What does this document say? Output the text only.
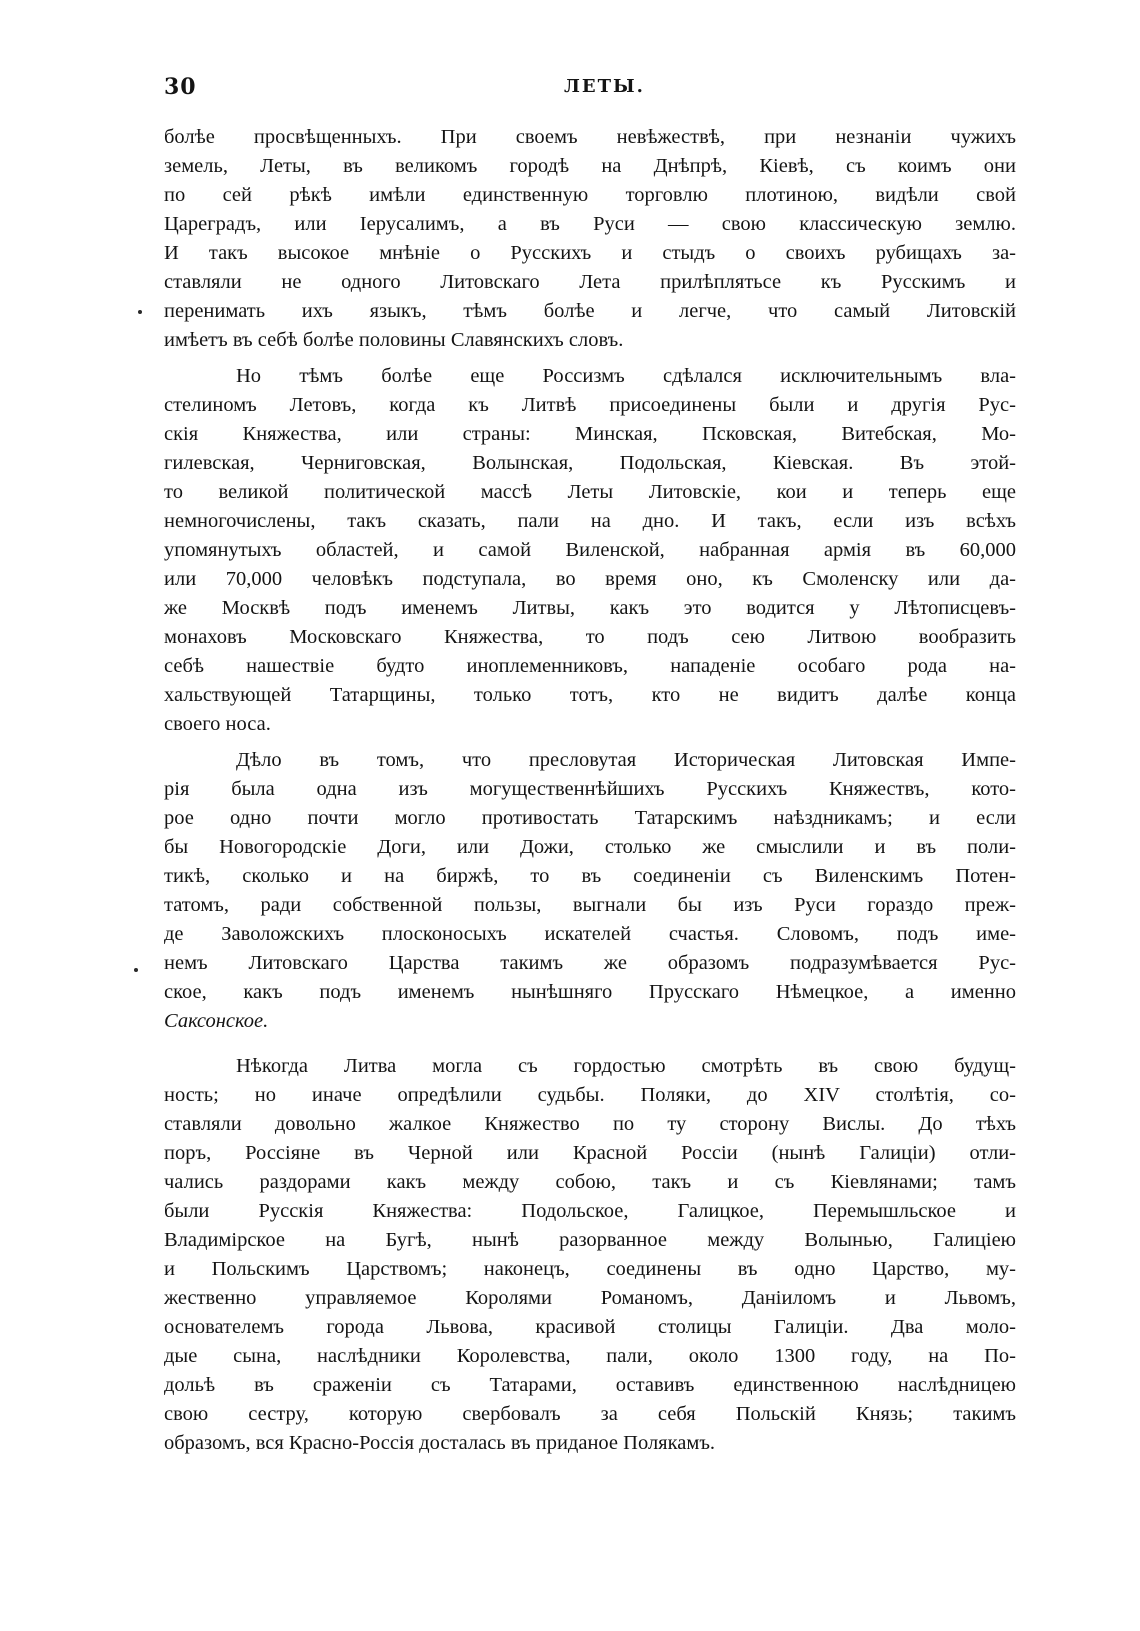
30	ЛЕТЫ.
болѣе просвѣщенныхъ. При своемъ невѣжествѣ, при незнаніи чужихъ
земель, Леты, въ великомъ городѣ на Днѣпрѣ, Кіевѣ, съ коимъ они
по сей рѣкѣ имѣли единственную торговлю плотиною, видѣли свой
Цареградъ, или Іерусалимъ, а въ Руси — свою классическую землю.
И такъ высокое мнѣніе о Русскихъ и стыдъ о своихъ рубищахъ за-
ставляли не одного Литовскаго Лета прилѣплятьсе къ Русскимъ и
перенимать ихъ языкъ, тѣмъ болѣе и легче, что самый Литовскій
имѣетъ въ себѣ болѣе половины Славянскихъ словъ.
Но тѣмъ болѣе еще Россизмъ сдѣлался исключительнымъ вла-
стелиномъ Летовъ, когда къ Литвѣ присоединены были и другія Рус-
скія Княжества, или страны: Минская, Псковская, Витебская, Мо-
гилевская, Черниговская, Волынская, Подольская, Кіевская. Въ этой-
то великой политической массѣ Леты Литовскіе, кои и теперь еще
немногочислены, такъ сказать, пали на дно. И такъ, если изъ всѣхъ
упомянутыхъ областей, и самой Виленской, набранная армія въ 60,000
или 70,000 человѣкъ подступала, во время оно, къ Смоленску или да-
же Москвѣ подъ именемъ Литвы, какъ это водится у Лѣтописцевъ-
монаховъ Московскаго Княжества, то подъ сею Литвою вообразить
себѣ нашествіе будто иноплеменниковъ, нападеніе особаго рода на-
хальствующей Татарщины, только тотъ, кто не видитъ далѣе конца
своего носа.
Дѣло въ томъ, что пресловутая Историческая Литовская Импе-
рія была одна изъ могущественнѣйшихъ Русскихъ Княжествъ, кото-
рое одно почти могло противостать Татарскимъ наѣздникамъ; и если
бы Новогородскіе Доги, или Дожи, столько же смыслили и въ поли-
тикѣ, сколько и на биржѣ, то въ соединеніи съ Виленскимъ Потен-
татомъ, ради собственной пользы, выгнали бы изъ Руси гораздо преж-
де Заволожскихъ плосконосыхъ искателей счастья. Словомъ, подъ име-
немъ Литовскаго Царства такимъ же образомъ подразумѣвается Рус-
ское, какъ подъ именемъ нынѣшняго Прусскаго Нѣмецкое, а именно
Саксонское.
Нѣкогда Литва могла съ гордостью смотрѣть въ свою будущ-
ность; но иначе опредѣлили судьбы. Поляки, до XIV столѣтія, со-
ставляли довольно жалкое Княжество по ту сторону Вислы. До тѣхъ
поръ, Россіяне въ Черной или Красной Россіи (нынѣ Галиціи) отли-
чались раздорами какъ между собою, такъ и съ Кіевлянами; тамъ
были Русскія Княжества: Подольское, Галицкое, Перемышльское и
Владимірское на Бугѣ, нынѣ разорванное между Волынью, Галиціею
и Польскимъ Царствомъ; наконецъ, соединены въ одно Царство, му-
жественно управляемое Королями Романомъ, Даніиломъ и Львомъ,
основателемъ города Львова, красивой столицы Галиціи. Два моло-
дые сына, наслѣдники Королевства, пали, около 1300 году, на По-
дольѣ въ сраженіи съ Татарами, оставивъ единственною наслѣдницею
свою сестру, которую свербовалъ за себя Польскій Князь; такимъ
образомъ, вся Красно-Россія досталась въ приданое Полякамъ.
